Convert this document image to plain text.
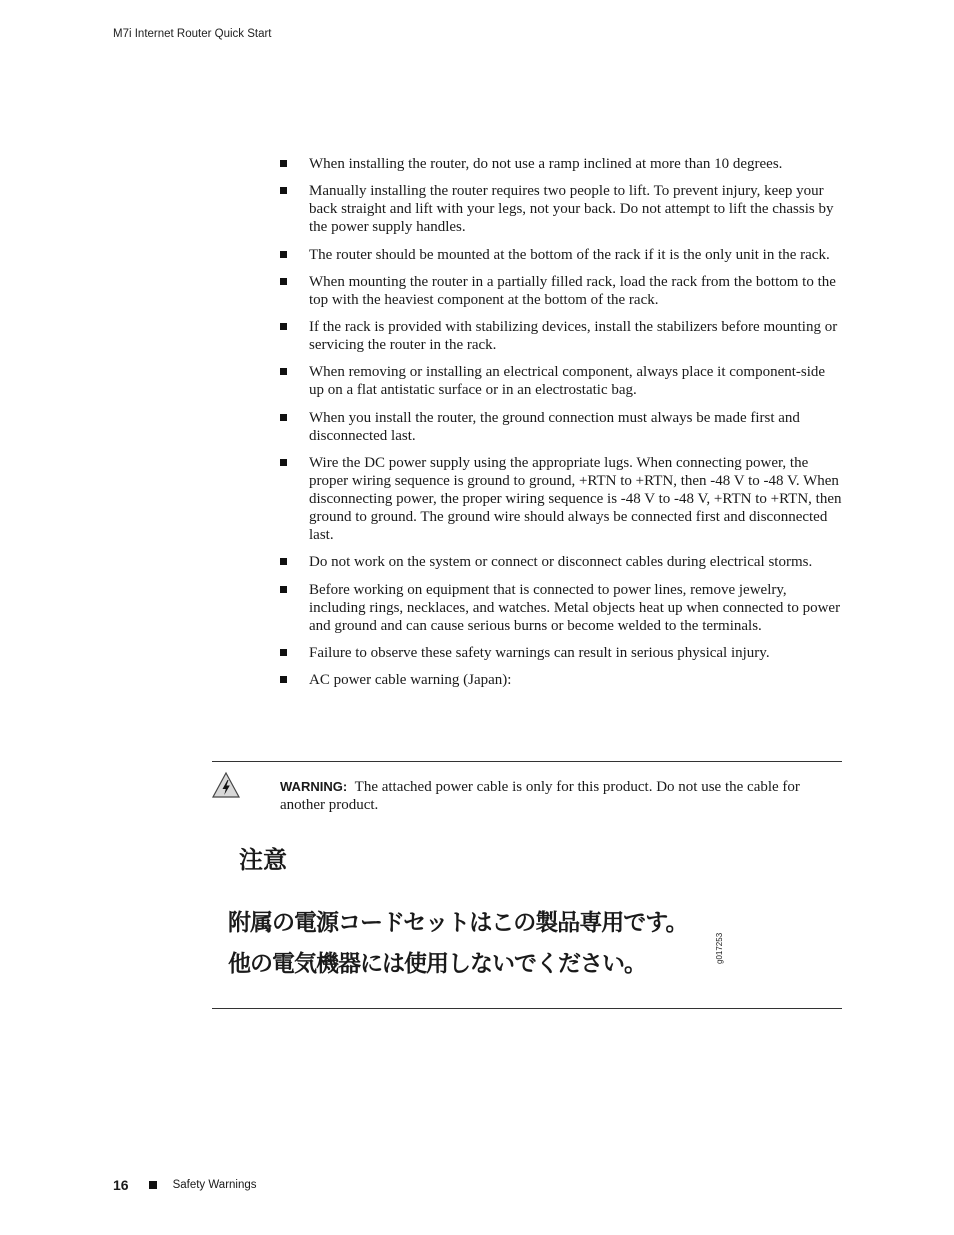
M7i Internet Router Quick Start
When installing the router, do not use a ramp inclined at more than 10 degrees.
Manually installing the router requires two people to lift. To prevent injury, keep your back straight and lift with your legs, not your back. Do not attempt to lift the chassis by the power supply handles.
The router should be mounted at the bottom of the rack if it is the only unit in the rack.
When mounting the router in a partially filled rack, load the rack from the bottom to the top with the heaviest component at the bottom of the rack.
If the rack is provided with stabilizing devices, install the stabilizers before mounting or servicing the router in the rack.
When removing or installing an electrical component, always place it component-side up on a flat antistatic surface or in an electrostatic bag.
When you install the router, the ground connection must always be made first and disconnected last.
Wire the DC power supply using the appropriate lugs. When connecting power, the proper wiring sequence is ground to ground, +RTN to +RTN, then -48 V to -48 V. When disconnecting power, the proper wiring sequence is -48 V to -48 V, +RTN to +RTN, then ground to ground. The ground wire should always be connected first and disconnected last.
Do not work on the system or connect or disconnect cables during electrical storms.
Before working on equipment that is connected to power lines, remove jewelry, including rings, necklaces, and watches. Metal objects heat up when connected to power and ground and can cause serious burns or become welded to the terminals.
Failure to observe these safety warnings can result in serious physical injury.
AC power cable warning (Japan):
WARNING: The attached power cable is only for this product. Do not use the cable for another product.
注意
附属の電源コードセットはこの製品専用です。
他の電気機器には使用しないでください。	g017253
16	Safety Warnings
